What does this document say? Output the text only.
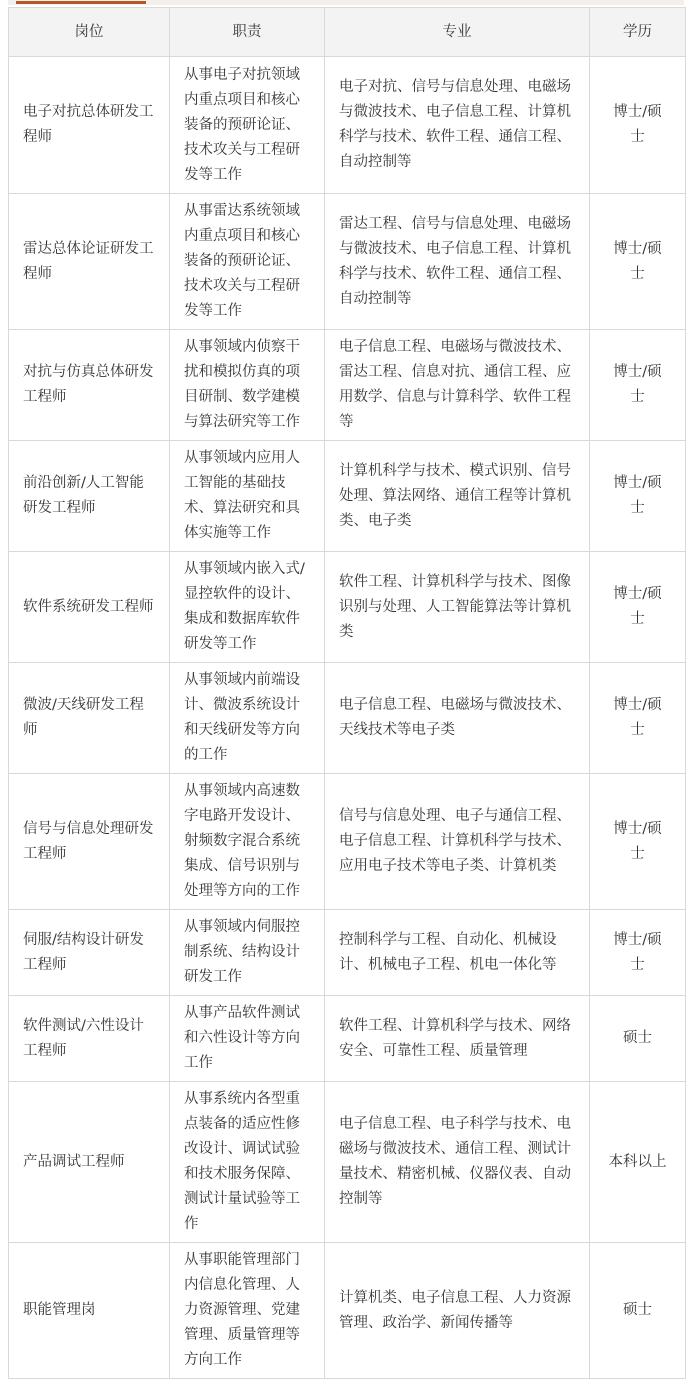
岗位	职责	专业	学历
电子对抗总体研发工程师	从事电子对抗领域内重点项目和核心装备的预研论证、技术攻关与工程研发等工作	电子对抗、信号与信息处理、电磁场与微波技术、电子信息工程、计算机科学与技术、软件工程、通信工程、自动控制等	博士/硕士
雷达总体论证研发工程师	从事雷达系统领域内重点项目和核心装备的预研论证、技术攻关与工程研发等工作	雷达工程、信号与信息处理、电磁场与微波技术、电子信息工程、计算机科学与技术、软件工程、通信工程、自动控制等	博士/硕士
对抗与仿真总体研发工程师	从事领域内侦察干扰和模拟仿真的项目研制、数学建模与算法研究等工作	电子信息工程、电磁场与微波技术、雷达工程、信息对抗、通信工程、应用数学、信息与计算科学、软件工程等	博士/硕士
前沿创新/人工智能研发工程师	从事领域内应用人工智能的基础技术、算法研究和具体实施等工作	计算机科学与技术、模式识别、信号处理、算法网络、通信工程等计算机类、电子类	博士/硕士
软件系统研发工程师	从事领域内嵌入式/显控软件的设计、集成和数据库软件研发等工作	软件工程、计算机科学与技术、图像识别与处理、人工智能算法等计算机类	博士/硕士
微波/天线研发工程师	从事领域内前端设计、微波系统设计和天线研发等方向的工作	电子信息工程、电磁场与微波技术、天线技术等电子类	博士/硕士
信号与信息处理研发工程师	从事领域内高速数字电路开发设计、射频数字混合系统集成、信号识别与处理等方向的工作	信号与信息处理、电子与通信工程、电子信息工程、计算机科学与技术、应用电子技术等电子类、计算机类	博士/硕士
伺服/结构设计研发工程师	从事领域内伺服控制系统、结构设计研发工作	控制科学与工程、自动化、机械设计、机械电子工程、机电一体化等	博士/硕士
软件测试/六性设计工程师	从事产品软件测试和六性设计等方向工作	软件工程、计算机科学与技术、网络安全、可靠性工程、质量管理	硕士
产品调试工程师	从事系统内各型重点装备的适应性修改设计、调试试验和技术服务保障、测试计量试验等工作	电子信息工程、电子科学与技术、电磁场与微波技术、通信工程、测试计量技术、精密机械、仪器仪表、自动控制等	本科以上
职能管理岗	从事职能管理部门内信息化管理、人力资源管理、党建管理、质量管理等方向工作	计算机类、电子信息工程、人力资源管理、政治学、新闻传播等	硕士
